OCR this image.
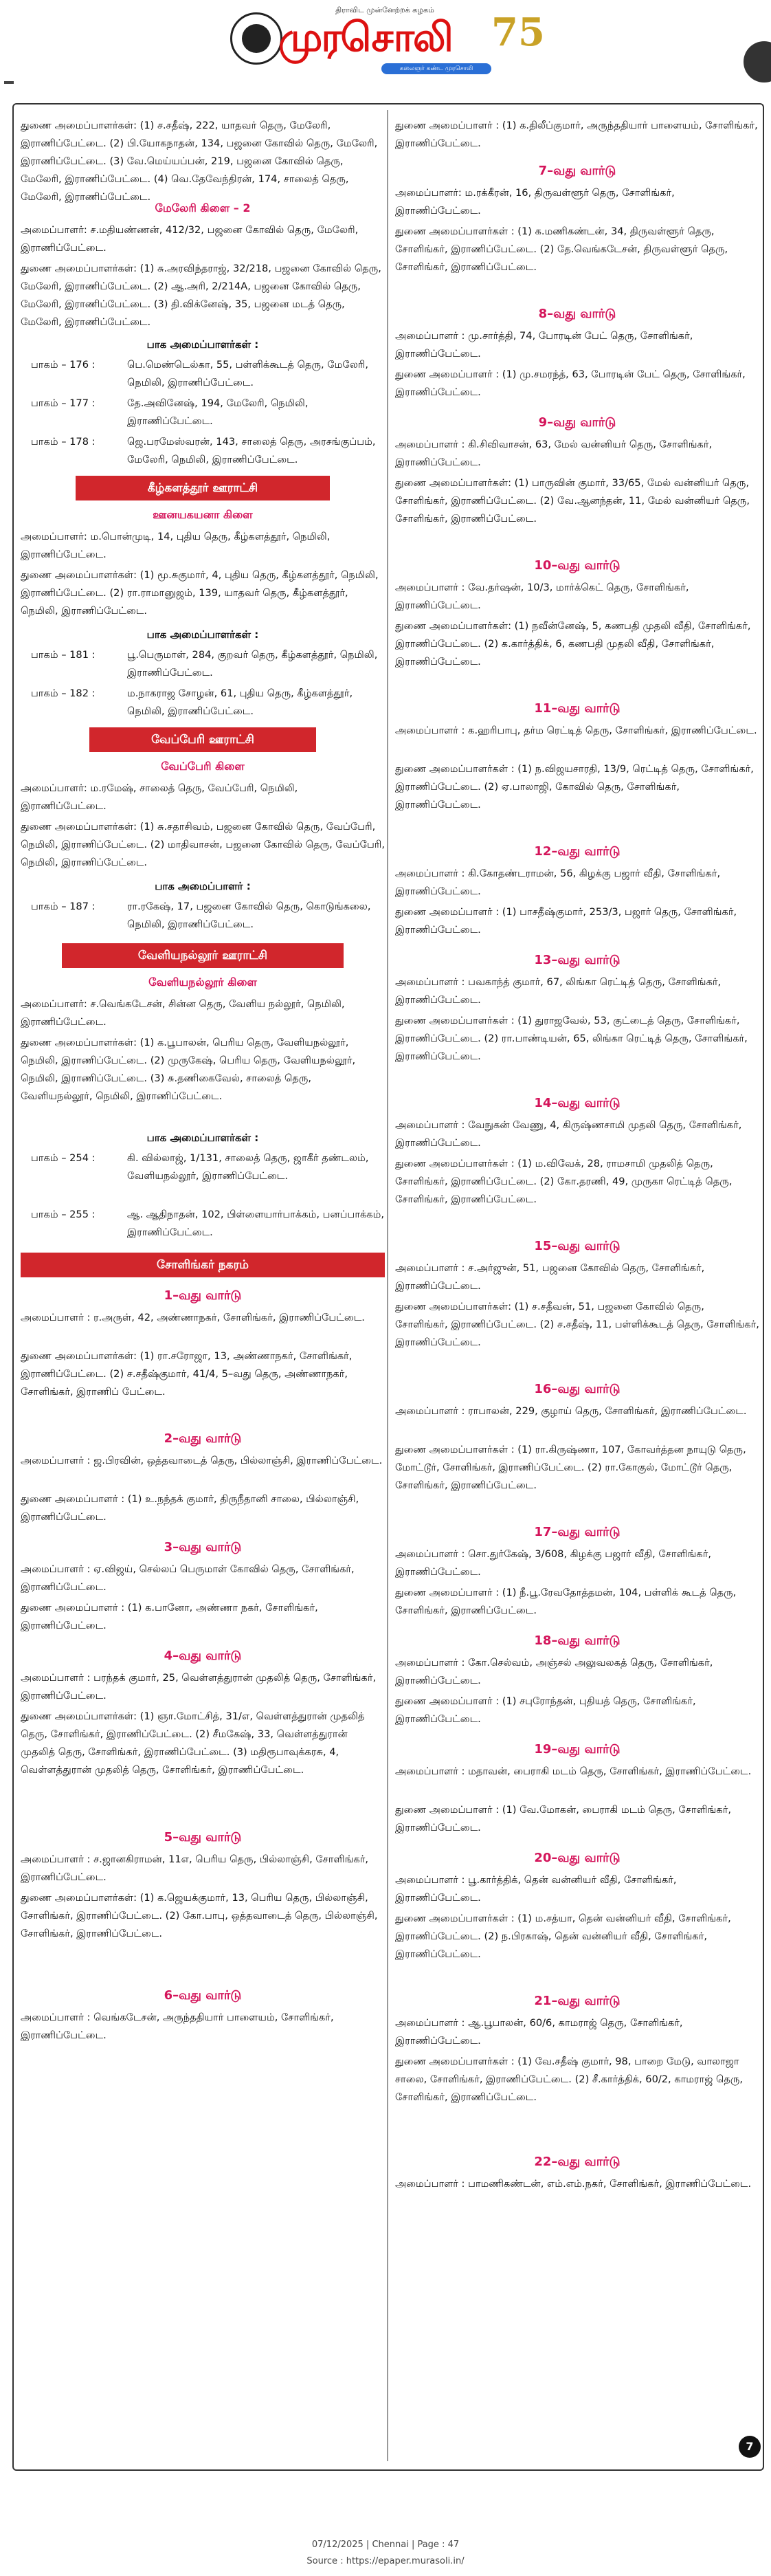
திராவிட முன்னேற்றக் கழகம்
முரசொலி
கலைஞர் கண்ட முரசொலி
75

துணை அமைப்பாளர்கள்: (1) ச.சதீஷ், 222, யாதவர் தெரு, மேலேரி, இராணிப்பேட்டை. (2) பி.யோகநாதன், 134, பஜனை கோவில் தெரு, மேலேரி, இராணிப்பேட்டை. (3) வே.மெய்யப்பன், 219, பஜனை கோவில் தெரு, மேலேரி, இராணிப்பேட்டை. (4) வெ.தேவேந்திரன், 174, சாலைத் தெரு, மேலேரி, இராணிப்பேட்டை.

மேலேரி கிளை – 2

அமைப்பாளர்: ச.மதியண்ணன், 412/32, பஜனை கோவில் தெரு, மேலேரி, இராணிப்பேட்டை.

துணை அமைப்பாளர்கள்: (1) சு.அரவிந்தராஜ், 32/218, பஜனை கோவில் தெரு, மேலேரி, இராணிப்பேட்டை. (2) ஆ.அரி, 2/214A, பஜனை கோவில் தெரு, மேலேரி, இராணிப்பேட்டை. (3) தி.விக்னேஷ், 35, பஜனை மடத் தெரு, மேலேரி, இராணிப்பேட்டை.

பாக அமைப்பாளர்கள் :
பாகம் – 176 :	பெ.மெண்டெல்கா, 55, பள்ளிக்கூடத் தெரு, மேலேரி, நெமிலி, இராணிப்பேட்டை.
பாகம் – 177 :	தே.அவினேஷ், 194, மேலேரி, நெமிலி, இராணிப்பேட்டை.
பாகம் – 178 :	ஜெ.பரமேஸ்வரன், 143, சாலைத் தெரு, அரசங்குப்பம், மேலேரி, நெமிலி, இராணிப்பேட்டை.
கீழ்களத்தூர் ஊராட்சி
ஊனயகயனா கிளை

அமைப்பாளர்: ம.பொன்முடி, 14, புதிய தெரு, கீழ்களத்தூர், நெமிலி, இராணிப்பேட்டை.

துணை அமைப்பாளர்கள்: (1) மூ.சுகுமார், 4, புதிய தெரு, கீழ்களத்தூர், நெமிலி, இராணிப்பேட்டை. (2) ரா.ராமானுஜம், 139, யாதவர் தெரு, கீழ்களத்தூர், நெமிலி, இராணிப்பேட்டை.

பாக அமைப்பாளர்கள் :
பாகம் – 181 :	பூ.பெருமாள், 284, குறவர் தெரு, கீழ்களத்தூர், நெமிலி, இராணிப்பேட்டை.
பாகம் – 182 :	ம.நாகராஜ சோழன், 61, புதிய தெரு, கீழ்களத்தூர், நெமிலி, இராணிப்பேட்டை.
வேப்பேரி ஊராட்சி
வேப்பேரி கிளை

அமைப்பாளர்: ம.ரமேஷ், சாலைத் தெரு, வேப்பேரி, நெமிலி, இராணிப்பேட்டை.

துணை அமைப்பாளர்கள்: (1) சு.சதாசிவம், பஜனை கோவில் தெரு, வேப்பேரி, நெமிலி, இராணிப்பேட்டை. (2) மாதிவாசன், பஜனை கோவில் தெரு, வேப்பேரி, நெமிலி, இராணிப்பேட்டை.

பாக அமைப்பாளர் :
பாகம் – 187 :	ரா.ரகேஷ், 17, பஜனை கோவில் தெரு, கொடுங்கலை, நெமிலி, இராணிப்பேட்டை.
வேளியநல்லூர் ஊராட்சி
வேளியநல்லூர் கிளை

அமைப்பாளர்: ச.வெங்கடேசன், சின்ன தெரு, வேளிய நல்லூர், நெமிலி, இராணிப்பேட்டை.

துணை அமைப்பாளர்கள்: (1) க.பூபாலன், பெரிய தெரு, வேளியநல்லூர், நெமிலி, இராணிப்பேட்டை. (2) முருகேஷ், பெரிய தெரு, வேளியநல்லூர், நெமிலி, இராணிப்பேட்டை. (3) சு.தணிகைவேல், சாலைத் தெரு, வேளியநல்லூர், நெமிலி, இராணிப்பேட்டை.

பாக அமைப்பாளர்கள் :
பாகம் – 254 :	கி. வில்லாஜ், 1/131, சாலைத் தெரு, ஜாகீர் தண்டலம், வேளியநல்லூர், இராணிப்பேட்டை.
பாகம் – 255 :	ஆ. ஆதிநாதன், 102, பிள்ளையார்பாக்கம், பனப்பாக்கம், இராணிப்பேட்டை.
சோளிங்கர் நகரம்
1–வது வார்டு

அமைப்பாளர் : ர.அருள், 42, அண்ணாநகர், சோளிங்கர், இராணிப்பேட்டை.

துணை அமைப்பாளர்கள்: (1) ரா.சரோஜா, 13, அண்ணாநகர், சோளிங்கர், இராணிப்பேட்டை. (2) ச.சதீஷ்குமார், 41/4, 5–வது தெரு, அண்ணாநகர், சோளிங்கர், இராணிப் பேட்டை.

2–வது வார்டு

அமைப்பாளர் : ஜ.பிரவின், ஒத்தவாடைத் தெரு, பில்லாஞ்சி, இராணிப்பேட்டை.

துணை அமைப்பாளர் : (1) உ.நந்தக் குமார், திருநீதானி சாலை, பில்லாஞ்சி, இராணிப்பேட்டை.

3–வது வார்டு

அமைப்பாளர் : ஏ.விஜய், செல்லப் பெருமாள் கோவில் தெரு, சோளிங்கர், இராணிப்பேட்டை.

துணை அமைப்பாளர் : (1) க.பானோ, அண்ணா நகர், சோளிங்கர், இராணிப்பேட்டை.

4–வது வார்டு

அமைப்பாளர் : பரந்தக் குமார், 25, வெள்ளத்துரான் முதலித் தெரு, சோளிங்கர், இராணிப்பேட்டை.

துணை அமைப்பாளர்கள்: (1) ஞா.மோட்சித், 31/எ, வெள்ளத்துரான் முதலித் தெரு, சோளிங்கர், இராணிப்பேட்டை. (2) சீமகேஷ், 33, வெள்ளத்துரான் முதலித் தெரு, சோளிங்கர், இராணிப்பேட்டை. (3) மதிரூபாவுக்கரசு, 4, வெள்ளத்துரான் முதலித் தெரு, சோளிங்கர், இராணிப்பேட்டை.

5–வது வார்டு

அமைப்பாளர் : ச.ஜானகிராமன், 11எ, பெரிய தெரு, பில்லாஞ்சி, சோளிங்கர், இராணிப்பேட்டை.

துணை அமைப்பாளர்கள்: (1) க.ஜெயக்குமார், 13, பெரிய தெரு, பில்லாஞ்சி, சோளிங்கர், இராணிப்பேட்டை. (2) கோ.பாபு, ஒத்தவாடைத் தெரு, பில்லாஞ்சி, சோளிங்கர், இராணிப்பேட்டை.

6–வது வார்டு

அமைப்பாளர் : வெங்கடேசன், அருந்ததியார் பாளையம், சோளிங்கர், இராணிப்பேட்டை.

துணை அமைப்பாளர் : (1) க.திலீப்குமார், அருந்ததியார் பாளையம், சோளிங்கர், இராணிப்பேட்டை.

7–வது வார்டு

அமைப்பாளர்: ம.ரக்கீரன், 16, திருவள்ளூர் தெரு, சோளிங்கர், இராணிப்பேட்டை.

துணை அமைப்பாளர்கள் : (1) க.மணிகண்டன், 34, திருவள்ளூர் தெரு, சோளிங்கர், இராணிப்பேட்டை. (2) தே.வெங்கடேசன், திருவள்ளூர் தெரு, சோளிங்கர், இராணிப்பேட்டை.

8–வது வார்டு

அமைப்பாளர் : மு.சார்த்தி, 74, போரடின் பேட் தெரு, சோளிங்கர், இராணிப்பேட்டை.

துணை அமைப்பாளர் : (1) மு.சமரந்த், 63, போரடின் பேட் தெரு, சோளிங்கர், இராணிப்பேட்டை.

9–வது வார்டு

அமைப்பாளர் : கி.சிவிவாசன், 63, மேல் வன்னியர் தெரு, சோளிங்கர், இராணிப்பேட்டை.

துணை அமைப்பாளர்கள்: (1) பாருவின் குமார், 33/65, மேல் வன்னியர் தெரு, சோளிங்கர், இராணிப்பேட்டை. (2) வே.ஆனந்தன், 11, மேல் வன்னியர் தெரு, சோளிங்கர், இராணிப்பேட்டை.

10–வது வார்டு

அமைப்பாளர் : வே.தர்ஷன், 10/3, மார்க்கெட் தெரு, சோளிங்கர், இராணிப்பேட்டை.

துணை அமைப்பாளர்கள்: (1) நவீன்னேஷ், 5, கணபதி முதலி வீதி, சோளிங்கர், இராணிப்பேட்டை. (2) க.கார்த்திக், 6, கணபதி முதலி வீதி, சோளிங்கர், இராணிப்பேட்டை.

11–வது வார்டு

அமைப்பாளர் : க.ஹரிபாபு, தர்ம ரெட்டித் தெரு, சோளிங்கர், இராணிப்பேட்டை.

துணை அமைப்பாளர்கள் : (1) ந.விஜயசாரதி, 13/9, ரெட்டித் தெரு, சோளிங்கர், இராணிப்பேட்டை. (2) ஏ.பாலாஜி, கோவில் தெரு, சோளிங்கர், இராணிப்பேட்டை.

12–வது வார்டு

அமைப்பாளர் : கி.கோதண்டராமன், 56, கிழக்கு பஜார் வீதி, சோளிங்கர், இராணிப்பேட்டை.

துணை அமைப்பாளர் : (1) பாசதீஷ்குமார், 253/3, பஜார் தெரு, சோளிங்கர், இராணிப்பேட்டை.

13–வது வார்டு

அமைப்பாளர் : பவகாந்த் குமார், 67, லிங்கா ரெட்டித் தெரு, சோளிங்கர், இராணிப்பேட்டை.

துணை அமைப்பாளர்கள் : (1) துராஜவேல், 53, குட்டைத் தெரு, சோளிங்கர், இராணிப்பேட்டை. (2) ரா.பாண்டியன், 65, லிங்கா ரெட்டித் தெரு, சோளிங்கர், இராணிப்பேட்டை.

14–வது வார்டு

அமைப்பாளர் : வேநுகன் வேணு, 4, கிருஷ்ணசாமி முதலி தெரு, சோளிங்கர், இராணிப்பேட்டை.

துணை அமைப்பாளர்கள் : (1) ம.விவேக், 28, ராமசாமி முதலித் தெரு, சோளிங்கர், இராணிப்பேட்டை. (2) கோ.தரணி, 49, முருகா ரெட்டித் தெரு, சோளிங்கர், இராணிப்பேட்டை.

15–வது வார்டு

அமைப்பாளர் : ச.அர்ஜுன், 51, பஜனை கோவில் தெரு, சோளிங்கர், இராணிப்பேட்டை.

துணை அமைப்பாளர்கள்: (1) ச.சதீவன், 51, பஜனை கோவில் தெரு, சோளிங்கர், இராணிப்பேட்டை. (2) ச.சதீஷ், 11, பள்ளிக்கூடத் தெரு, சோளிங்கர், இராணிப்பேட்டை.

16–வது வார்டு

அமைப்பாளர் : ராபாலன், 229, குழாய் தெரு, சோளிங்கர், இராணிப்பேட்டை.

துணை அமைப்பாளர்கள் : (1) ரா.கிருஷ்ணா, 107, கோவர்த்தன நாயுடு தெரு, மோட்டூர், சோளிங்கர், இராணிப்பேட்டை. (2) ரா.கோகுல், மோட்டூர் தெரு, சோளிங்கர், இராணிப்பேட்டை.

17–வது வார்டு

அமைப்பாளர் : சொ.துர்கேஷ், 3/608, கிழக்கு பஜார் வீதி, சோளிங்கர், இராணிப்பேட்டை.

துணை அமைப்பாளர் : (1) நீ.பூ.ரேவதோத்தமன், 104, பள்ளிக் கூடத் தெரு, சோளிங்கர், இராணிப்பேட்டை.

18–வது வார்டு

அமைப்பாளர் : கோ.செல்வம், அஞ்சல் அலுவலகத் தெரு, சோளிங்கர், இராணிப்பேட்டை.

துணை அமைப்பாளர் : (1) சபுரோந்தன், புதியத் தெரு, சோளிங்கர், இராணிப்பேட்டை.

19–வது வார்டு

அமைப்பாளர் : மதாவன், பைராகி மடம் தெரு, சோளிங்கர், இராணிப்பேட்டை.

துணை அமைப்பாளர் : (1) வே.மோகன், பைராகி மடம் தெரு, சோளிங்கர், இராணிப்பேட்டை.

20–வது வார்டு

அமைப்பாளர் : பூ.கார்த்திக், தென் வன்னியர் வீதி, சோளிங்கர், இராணிப்பேட்டை.

துணை அமைப்பாளர்கள் : (1) ம.சத்யா, தென் வன்னியர் வீதி, சோளிங்கர், இராணிப்பேட்டை. (2) ந.பிரகாஷ், தென் வன்னியர் வீதி, சோளிங்கர், இராணிப்பேட்டை.

21–வது வார்டு

அமைப்பாளர் : ஆ.பூபாலன், 60/6, காமராஜ் தெரு, சோளிங்கர், இராணிப்பேட்டை.

துணை அமைப்பாளர்கள் : (1) வே.சதீஷ் குமார், 98, பாறை மேடு, வாலாஜா சாலை, சோளிங்கர், இராணிப்பேட்டை. (2) சீ.கார்த்திக், 60/2, காமராஜ் தெரு, சோளிங்கர், இராணிப்பேட்டை.

22–வது வார்டு

அமைப்பாளர் : பாமணிகண்டன், எம்.எம்.நகர், சோளிங்கர், இராணிப்பேட்டை.

7
07/12/2025 | Chennai | Page : 47
Source : https://epaper.murasoli.in/
